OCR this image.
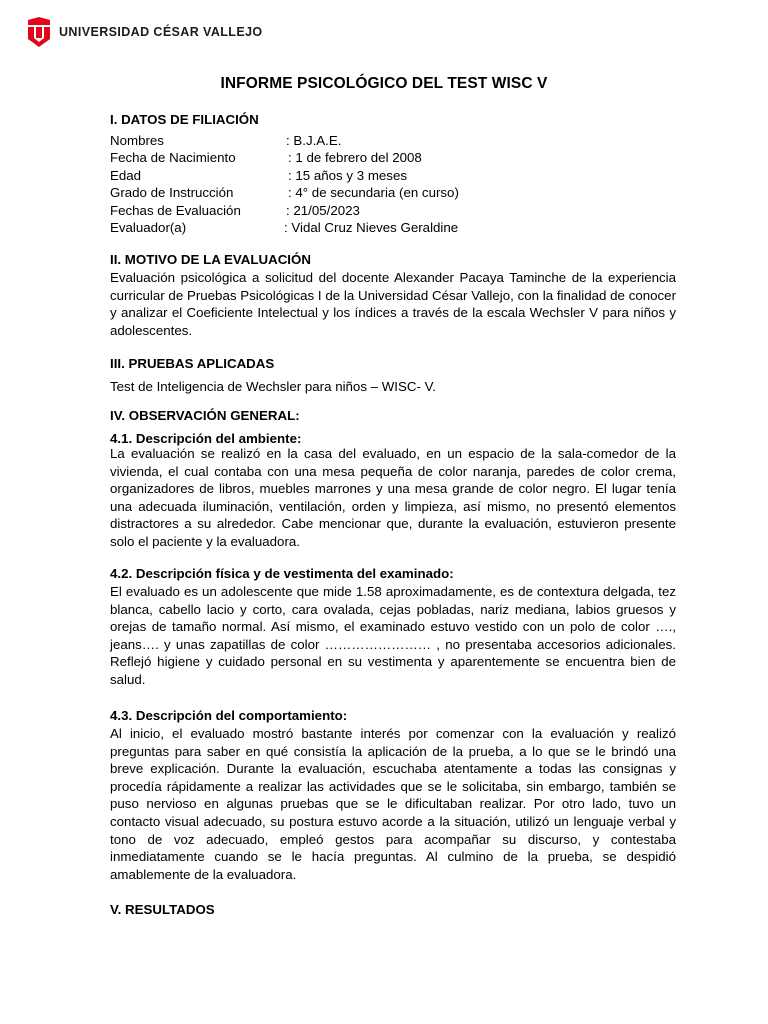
UNIVERSIDAD CÉSAR VALLEJO
INFORME PSICOLÓGICO DEL TEST WISC V
I. DATOS DE FILIACIÓN
Nombres	: B.J.A.E.
Fecha de Nacimiento	: 1 de febrero del 2008
Edad	: 15 años y 3 meses
Grado de Instrucción	: 4° de secundaria (en curso)
Fechas de Evaluación	: 21/05/2023
Evaluador(a)	: Vidal Cruz Nieves Geraldine
II. MOTIVO DE LA EVALUACIÓN
Evaluación psicológica a solicitud del docente Alexander Pacaya Taminche de la experiencia curricular de Pruebas Psicológicas I de la Universidad César Vallejo, con la finalidad de conocer y analizar el Coeficiente Intelectual y los índices a través de la escala Wechsler V para niños y adolescentes.
III. PRUEBAS APLICADAS
Test de Inteligencia de Wechsler para niños – WISC- V.
IV. OBSERVACIÓN GENERAL:
4.1. Descripción del ambiente:
La evaluación se realizó en la casa del evaluado, en un espacio de la sala-comedor de la vivienda, el cual contaba con una mesa pequeña de color naranja, paredes de color crema, organizadores de libros, muebles marrones y una mesa grande de color negro. El lugar tenía una adecuada iluminación, ventilación, orden y limpieza, así mismo, no presentó elementos distractores a su alrededor. Cabe mencionar que, durante la evaluación, estuvieron presente solo el paciente y la evaluadora.
4.2. Descripción física y de vestimenta del examinado:
El evaluado es un adolescente que mide 1.58 aproximadamente, es de contextura delgada, tez blanca, cabello lacio y corto, cara ovalada, cejas pobladas, nariz mediana, labios gruesos y orejas de tamaño normal. Así mismo, el examinado estuvo vestido con un polo de color …., jeans…. y unas zapatillas de color …………………… , no presentaba accesorios adicionales. Reflejó higiene y cuidado personal en su vestimenta y aparentemente se encuentra bien de salud.
4.3. Descripción del comportamiento:
Al inicio, el evaluado mostró bastante interés por comenzar con la evaluación y realizó preguntas para saber en qué consistía la aplicación de la prueba, a lo que se le brindó una breve explicación. Durante la evaluación, escuchaba atentamente a todas las consignas y procedía rápidamente a realizar las actividades que se le solicitaba, sin embargo, también se puso nervioso en algunas pruebas que se le dificultaban realizar. Por otro lado, tuvo un contacto visual adecuado, su postura estuvo acorde a la situación, utilizó un lenguaje verbal y tono de voz adecuado, empleó gestos para acompañar su discurso, y contestaba inmediatamente cuando se le hacía preguntas. Al culmino de la prueba, se despidió amablemente de la evaluadora.
V. RESULTADOS
